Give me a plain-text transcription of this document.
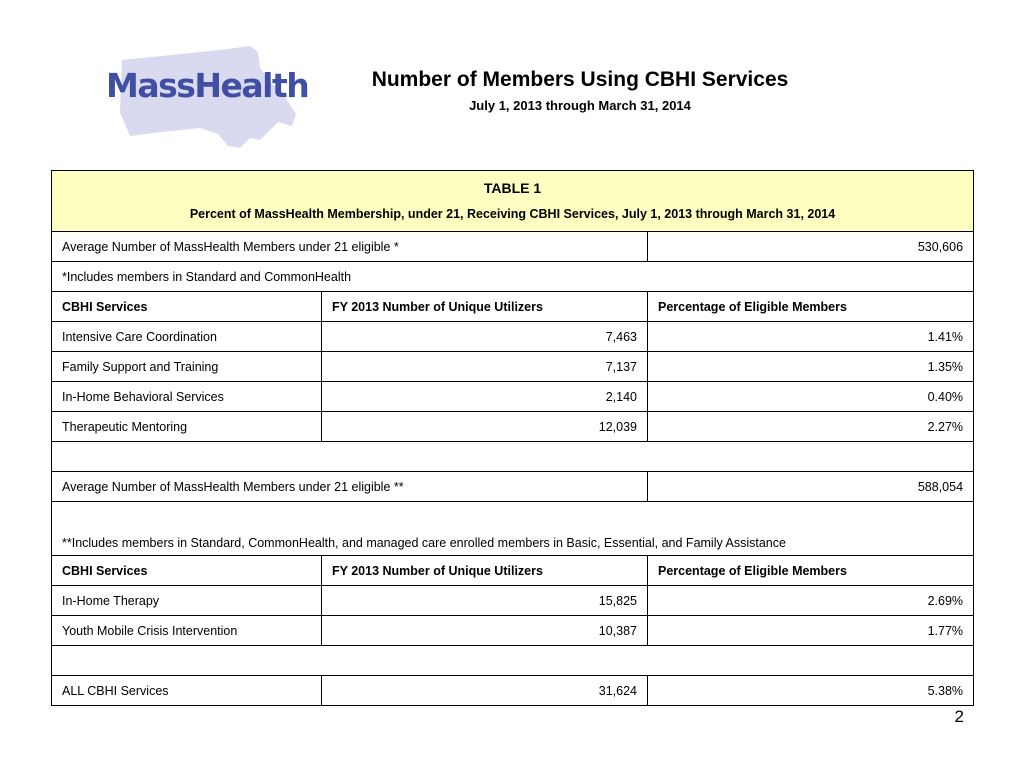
MassHealth	Number of Members Using CBHI Services
July 1, 2013 through March 31, 2014
TABLE 1
Percent of MassHealth Membership, under 21, Receiving CBHI Services, July 1, 2013 through March 31, 2014		

Average Number of MassHealth Members under 21 eligible *		530,606
*Includes members in Standard and CommonHealth		
CBHI Services	FY 2013 Number of Unique Utilizers	Percentage of Eligible Members
Intensive Care Coordination	7,463	1.41%
Family Support and Training	7,137	1.35%
In-Home Behavioral Services	2,140	0.40%
Therapeutic Mentoring	12,039	2.27%

Average Number of MassHealth Members under 21 eligible **		588,054
**Includes members in Standard, CommonHealth, and managed care enrolled members in Basic, Essential, and Family Assistance		
CBHI Services	FY 2013 Number of Unique Utilizers	Percentage of Eligible Members
In-Home Therapy	15,825	2.69%
Youth Mobile Crisis Intervention	10,387	1.77%

ALL CBHI Services	31,624	5.38%
2
